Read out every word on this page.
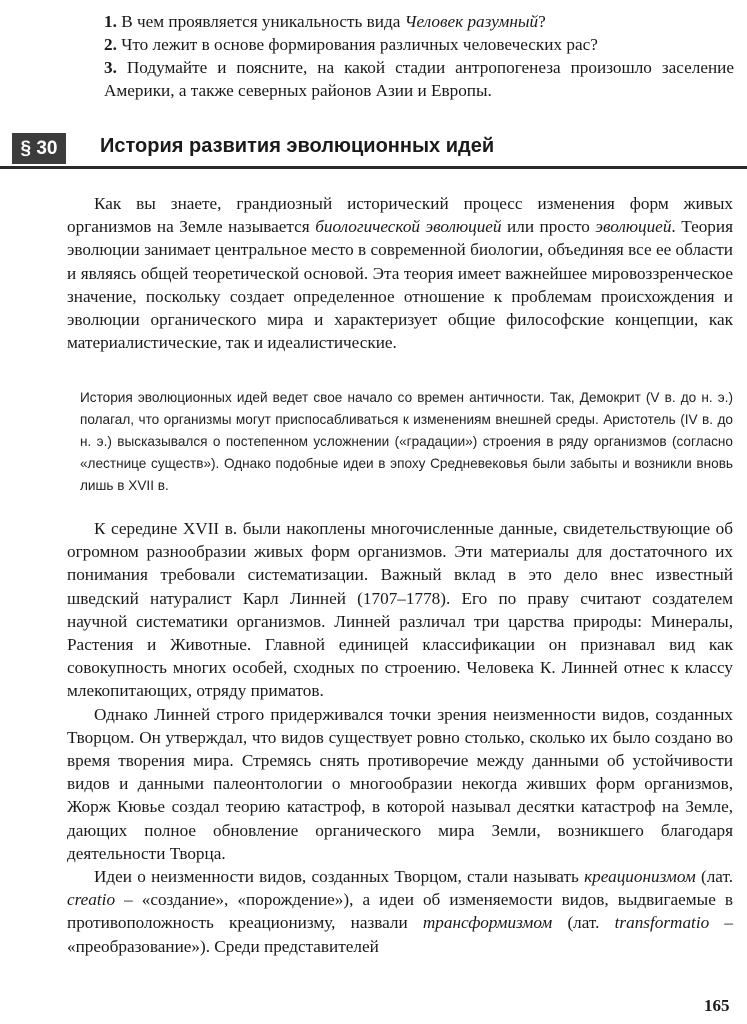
1. В чем проявляется уникальность вида Человек разумный?

2. Что лежит в основе формирования различных человеческих рас?

3. Подумайте и поясните, на какой стадии антропогенеза произошло заселение Америки, а также северных районов Азии и Европы.

§ 30	История развития эволюционных идей

Как вы знаете, грандиозный исторический процесс изменения форм живых организмов на Земле называется биологической эволюцией или просто эволюцией. Теория эволюции занимает центральное место в современной биологии, объединяя все ее области и являясь общей теоретической основой. Эта теория имеет важнейшее мировоззренческое значение, поскольку создает определенное отношение к проблемам происхождения и эволюции органического мира и характеризует общие философские концепции, как материалистические, так и идеалистические.

История эволюционных идей ведет свое начало со времен античности. Так, Демокрит (V в. до н. э.) полагал, что организмы могут приспосабливаться к изменениям внешней среды. Аристотель (IV в. до н. э.) высказывался о постепенном усложнении («градации») строения в ряду организмов (согласно «лестнице существ»). Однако подобные идеи в эпоху Средневековья были забыты и возникли вновь лишь в XVII в.

К середине XVII в. были накоплены многочисленные данные, свидетельствующие об огромном разнообразии живых форм организмов. Эти материалы для достаточного их понимания требовали систематизации. Важный вклад в это дело внес известный шведский натуралист Карл Линней (1707–1778). Его по праву считают создателем научной систематики организмов. Линней различал три царства природы: Минералы, Растения и Животные. Главной единицей классификации он признавал вид как совокупность многих особей, сходных по строению. Человека К. Линней отнес к классу млекопитающих, отряду приматов.

Однако Линней строго придерживался точки зрения неизменности видов, созданных Творцом. Он утверждал, что видов существует ровно столько, сколько их было создано во время творения мира. Стремясь снять противоречие между данными об устойчивости видов и данными палеонтологии о многообразии некогда живших форм организмов, Жорж Кювье создал теорию катастроф, в которой называл десятки катастроф на Земле, дающих полное обновление органического мира Земли, возникшего благодаря деятельности Творца.

Идеи о неизменности видов, созданных Творцом, стали называть креационизмом (лат. creatio – «создание», «порождение»), а идеи об изменяемости видов, выдвигаемые в противоположность креационизму, назвали трансформизмом (лат. transformatio – «преобразование»). Среди представителей

165
